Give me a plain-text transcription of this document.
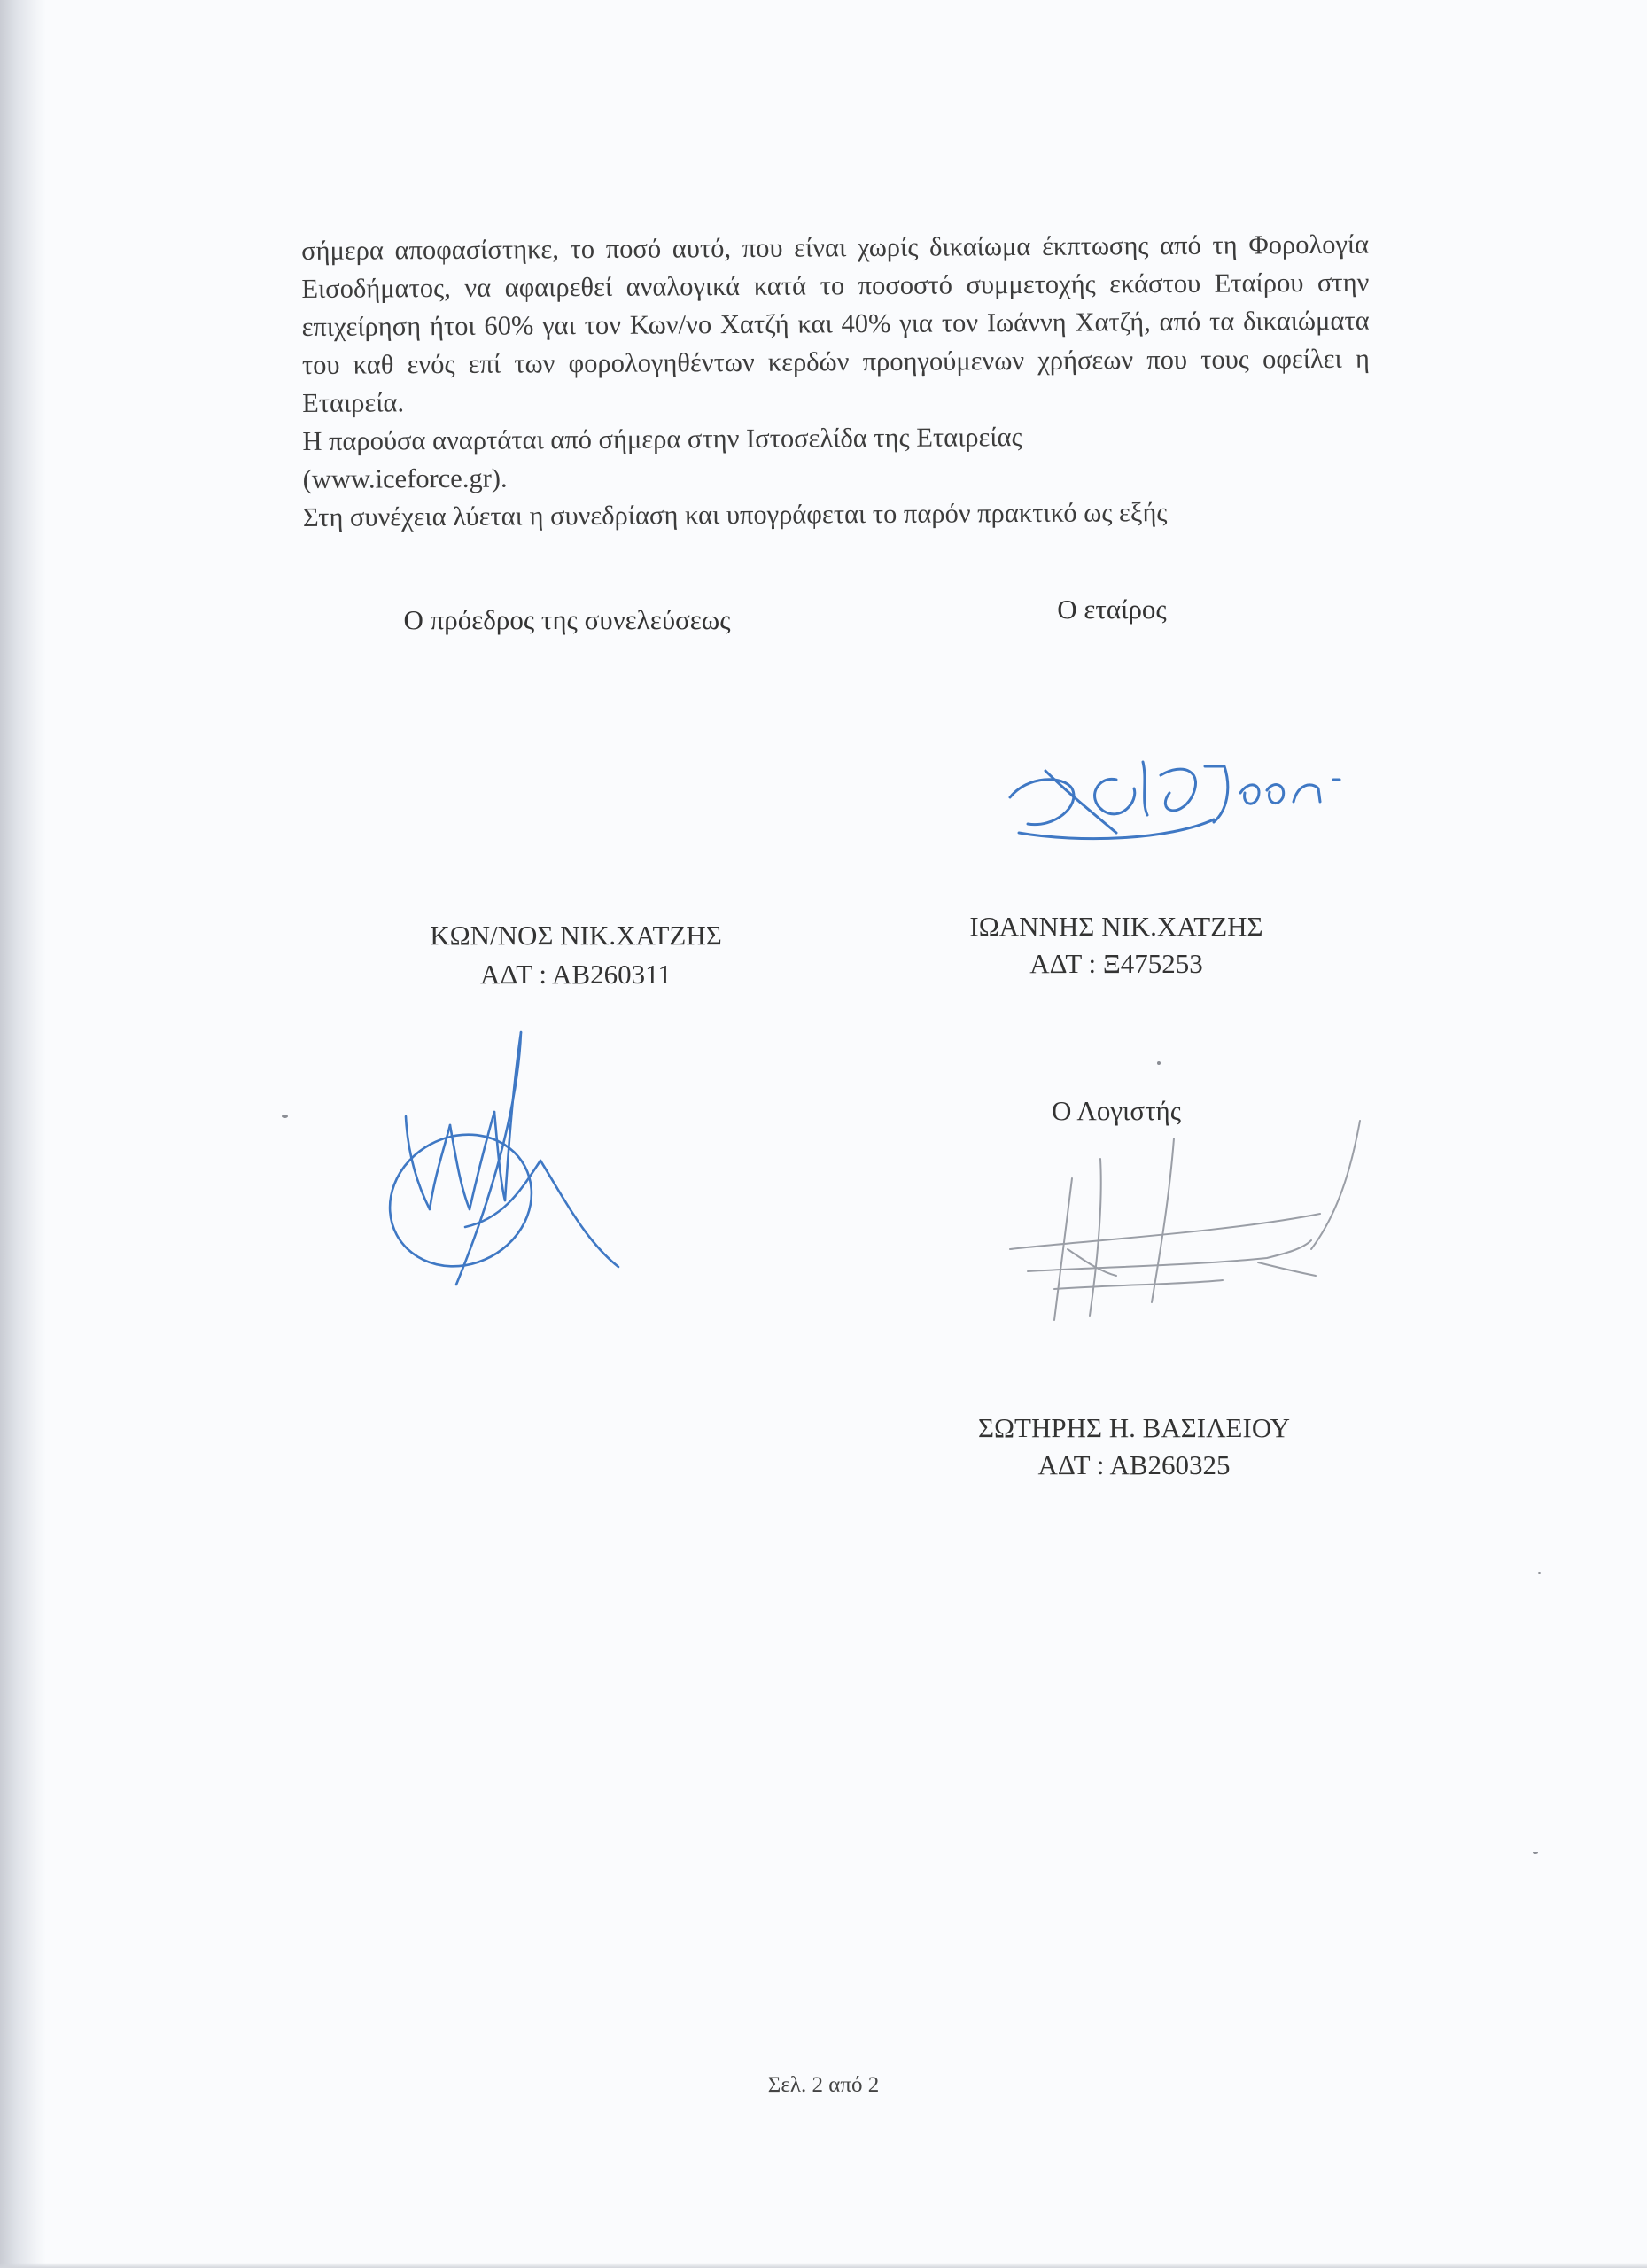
σήμερα αποφασίστηκε, το ποσό αυτό, που είναι χωρίς δικαίωμα έκπτωσης από τη Φορολογία Εισοδήματος, να αφαιρεθεί αναλογικά κατά το ποσοστό συμμετοχής εκάστου Εταίρου στην επιχείρηση ήτοι 60% γαι τον Κων/νο Χατζή και 40% για τον Ιωάννη Χατζή, από τα δικαιώματα του καθ ενός επί των φορολογηθέντων κερδών προηγούμενων χρήσεων που τους οφείλει η Εταιρεία.

Η παρούσα αναρτάται από σήμερα στην Ιστοσελίδα της Εταιρείας

(www.iceforce.gr).

Στη συνέχεια λύεται η συνεδρίαση και υπογράφεται το παρόν πρακτικό ως εξής

Ο πρόεδρος της συνελεύσεως
ΚΩΝ/ΝΟΣ ΝΙΚ.ΧΑΤΖΗΣ
ΑΔΤ : ΑΒ260311
Ο εταίρος
ΙΩΑΝΝΗΣ ΝΙΚ.ΧΑΤΖΗΣ
ΑΔΤ : Ξ475253
Ο Λογιστής
ΣΩΤΗΡΗΣ Η. ΒΑΣΙΛΕΙΟΥ
ΑΔΤ : ΑΒ260325
Σελ. 2 από 2
